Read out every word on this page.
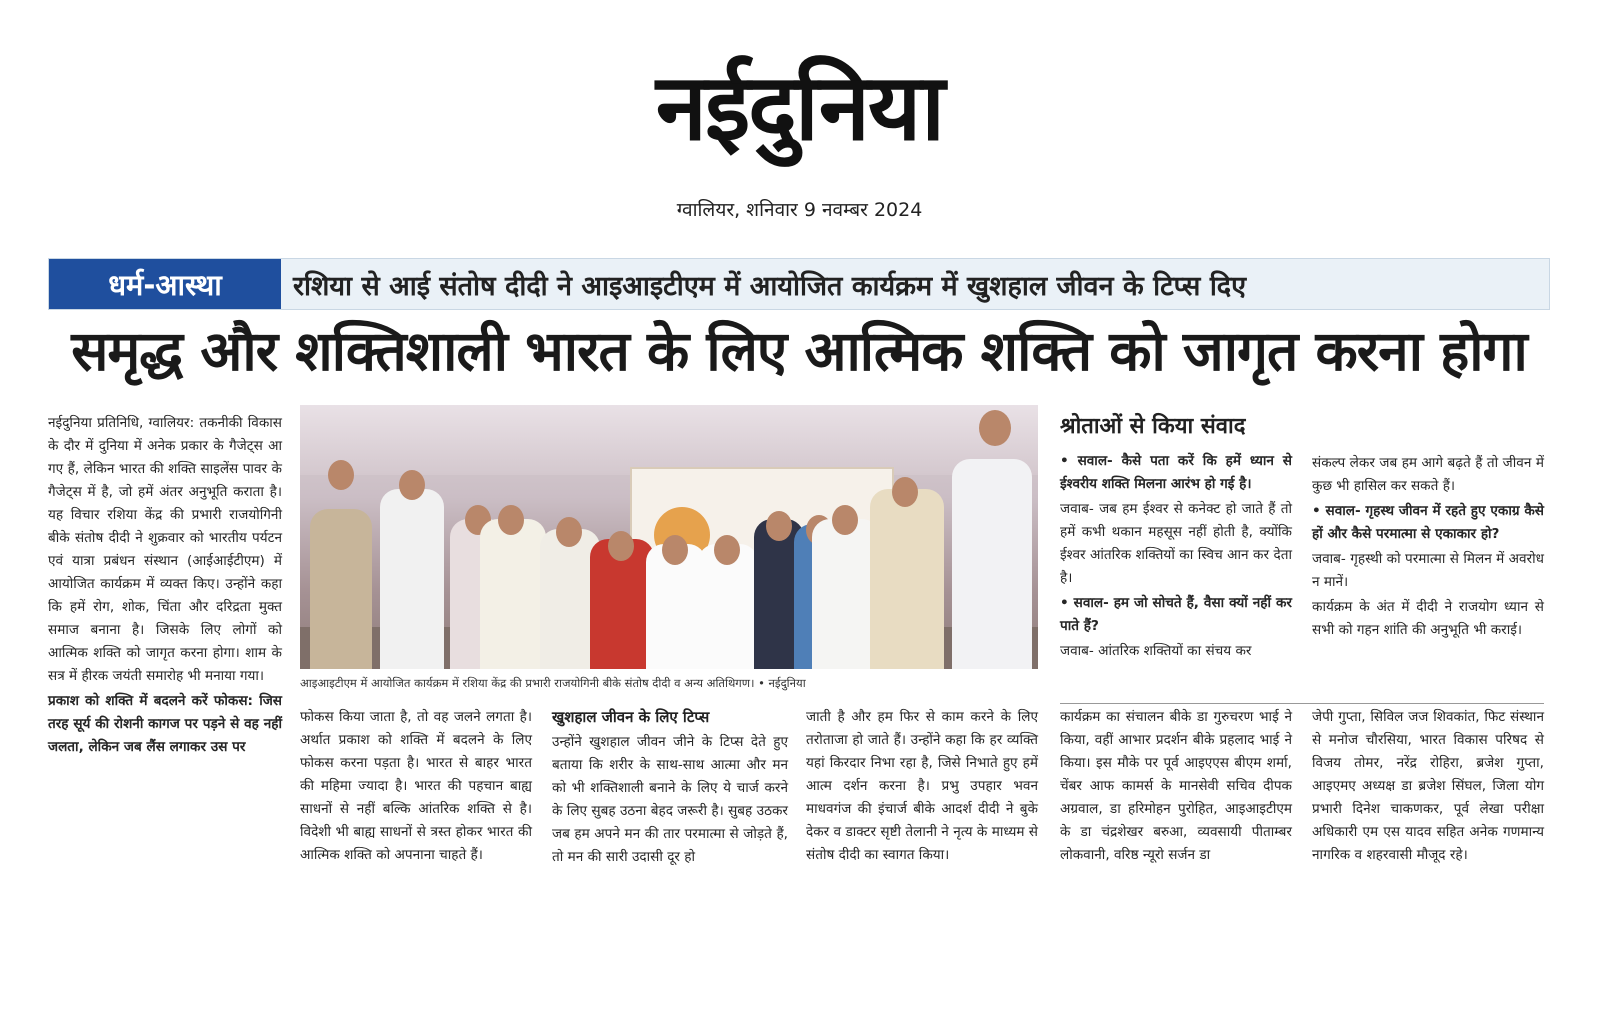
नईदुनिया
ग्वालियर, शनिवार 9 नवम्बर 2024
धर्म-आस्था	रशिया से आई संतोष दीदी ने आइआइटीएम में आयोजित कार्यक्रम में खुशहाल जीवन के टिप्स दिए
समृद्ध और शक्तिशाली भारत के लिए आत्मिक शक्ति को जागृत करना होगा

नईदुनिया प्रतिनिधि, ग्वालियर: तकनीकी विकास के दौर में दुनिया में अनेक प्रकार के गैजेट्स आ गए हैं, लेकिन भारत की शक्ति साइलेंस पावर के गैजेट्स में है, जो हमें अंतर अनुभूति कराता है। यह विचार रशिया केंद्र की प्रभारी राजयोगिनी बीके संतोष दीदी ने शुक्रवार को भारतीय पर्यटन एवं यात्रा प्रबंधन संस्थान (आईआईटीएम) में आयोजित कार्यक्रम में व्यक्त किए। उन्होंने कहा कि हमें रोग, शोक, चिंता और दरिद्रता मुक्त समाज बनाना है। जिसके लिए लोगों को आत्मिक शक्ति को जागृत करना होगा। शाम के सत्र में हीरक जयंती समारोह भी मनाया गया।

प्रकाश को शक्ति में बदलने करें फोकस: जिस तरह सूर्य की रोशनी कागज पर पड़ने से वह नहीं जलता, लेकिन जब लैंस लगाकर उस पर

आइआइटीएम में आयोजित कार्यक्रम में रशिया केंद्र की प्रभारी राजयोगिनी बीके संतोष दीदी व अन्य अतिथिगण। • नईदुनिया

फोकस किया जाता है, तो वह जलने लगता है। अर्थात प्रकाश को शक्ति में बदलने के लिए फोकस करना पड़ता है। भारत से बाहर भारत की महिमा ज्यादा है। भारत की पहचान बाह्य साधनों से नहीं बल्कि आंतरिक शक्ति से है। विदेशी भी बाह्य साधनों से त्रस्त होकर भारत की आत्मिक शक्ति को अपनाना चाहते हैं।

खुशहाल जीवन के लिए टिप्स

उन्होंने खुशहाल जीवन जीने के टिप्स देते हुए बताया कि शरीर के साथ-साथ आत्मा और मन को भी शक्तिशाली बनाने के लिए ये चार्ज करने के लिए सुबह उठना बेहद जरूरी है। सुबह उठकर जब हम अपने मन की तार परमात्मा से जोड़ते हैं, तो मन की सारी उदासी दूर हो

जाती है और हम फिर से काम करने के लिए तरोताजा हो जाते हैं। उन्होंने कहा कि हर व्यक्ति यहां किरदार निभा रहा है, जिसे निभाते हुए हमें आत्म दर्शन करना है। प्रभु उपहार भवन माधवगंज की इंचार्ज बीके आदर्श दीदी ने बुके देकर व डाक्टर सृष्टी तेलानी ने नृत्य के माध्यम से संतोष दीदी का स्वागत किया।

श्रोताओं से किया संवाद

• सवाल- कैसे पता करें कि हमें ध्यान से ईश्वरीय शक्ति मिलना आरंभ हो गई है।

जवाब- जब हम ईश्वर से कनेक्ट हो जाते हैं तो हमें कभी थकान महसूस नहीं होती है, क्योंकि ईश्वर आंतरिक शक्तियों का स्विच आन कर देता है।

• सवाल- हम जो सोचते हैं, वैसा क्यों नहीं कर पाते हैं?

जवाब- आंतरिक शक्तियों का संचय कर

संकल्प लेकर जब हम आगे बढ़ते हैं तो जीवन में कुछ भी हासिल कर सकते हैं।

• सवाल- गृहस्थ जीवन में रहते हुए एकाग्र कैसे हों और कैसे परमात्मा से एकाकार हो?

जवाब- गृहस्थी को परमात्मा से मिलन में अवरोध न मानें।

कार्यक्रम के अंत में दीदी ने राजयोग ध्यान से सभी को गहन शांति की अनुभूति भी कराई।

कार्यक्रम का संचालन बीके डा गुरुचरण भाई ने किया, वहीं आभार प्रदर्शन बीके प्रहलाद भाई ने किया। इस मौके पर पूर्व आइएएस बीएम शर्मा, चेंबर आफ कामर्स के मानसेवी सचिव दीपक अग्रवाल, डा हरिमोहन पुरोहित, आइआइटीएम के डा चंद्रशेखर बरुआ, व्यवसायी पीताम्बर लोकवानी, वरिष्ठ न्यूरो सर्जन डा

जेपी गुप्ता, सिविल जज शिवकांत, फिट संस्थान से मनोज चौरसिया, भारत विकास परिषद से विजय तोमर, नरेंद्र रोहिरा, ब्रजेश गुप्ता, आइएमए अध्यक्ष डा ब्रजेश सिंघल, जिला योग प्रभारी दिनेश चाकणकर, पूर्व लेखा परीक्षा अधिकारी एम एस यादव सहित अनेक गणमान्य नागरिक व शहरवासी मौजूद रहे।
